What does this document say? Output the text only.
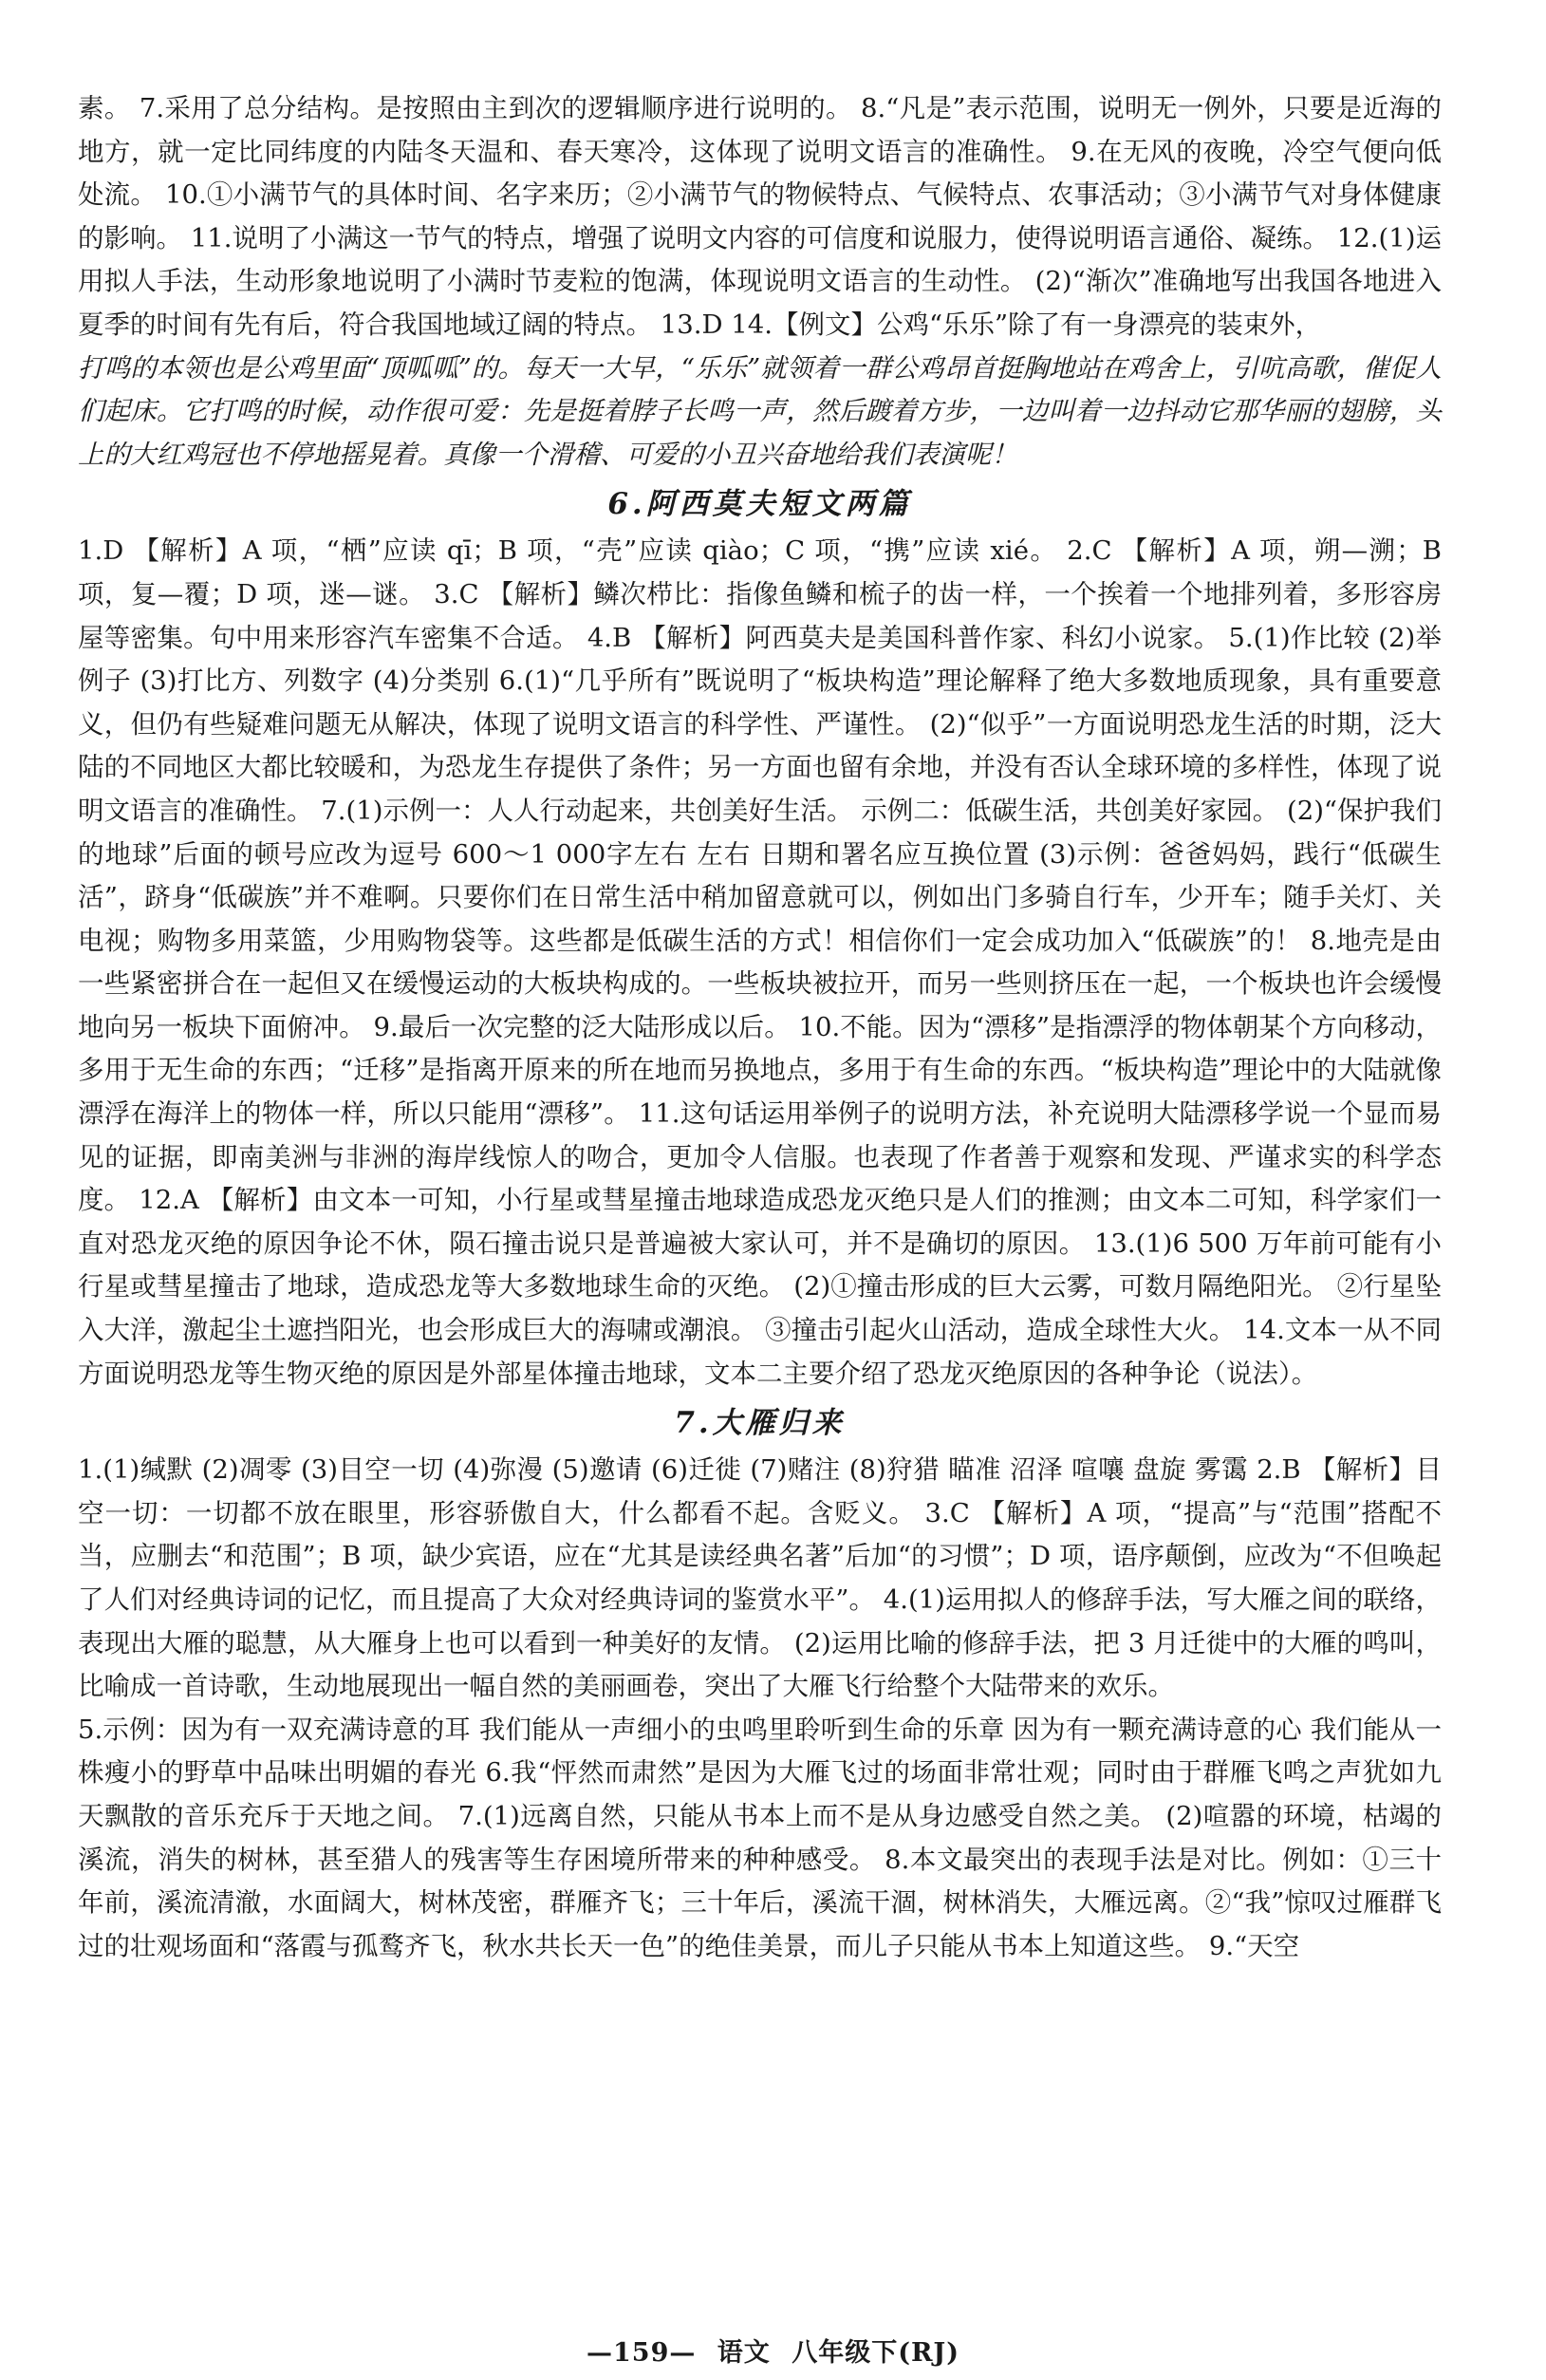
素。 7.采用了总分结构。是按照由主到次的逻辑顺序进行说明的。 8.“凡是”表示范围，说明无一例外，只要是近海的地方，就一定比同纬度的内陆冬天温和、春天寒冷，这体现了说明文语言的准确性。 9.在无风的夜晚，冷空气便向低处流。 10.①小满节气的具体时间、名字来历；②小满节气的物候特点、气候特点、农事活动；③小满节气对身体健康的影响。 11.说明了小满这一节气的特点，增强了说明文内容的可信度和说服力，使得说明语言通俗、凝练。 12.(1)运用拟人手法，生动形象地说明了小满时节麦粒的饱满，体现说明文语言的生动性。 (2)“渐次”准确地写出我国各地进入夏季的时间有先有后，符合我国地域辽阔的特点。 13.D 14.【例文】公鸡“乐乐”除了有一身漂亮的装束外，

打鸣的本领也是公鸡里面“顶呱呱”的。每天一大早，“乐乐”就领着一群公鸡昂首挺胸地站在鸡舍上，引吭高歌，催促人们起床。它打鸣的时候，动作很可爱：先是挺着脖子长鸣一声，然后踱着方步，一边叫着一边抖动它那华丽的翅膀，头上的大红鸡冠也不停地摇晃着。真像一个滑稽、可爱的小丑兴奋地给我们表演呢！

6.阿西莫夫短文两篇

1.D 【解析】A 项，“栖”应读 qī；B 项，“壳”应读 qiào；C 项，“携”应读 xié。 2.C 【解析】A 项，朔—溯；B 项，复—覆；D 项，迷—谜。 3.C 【解析】鳞次栉比：指像鱼鳞和梳子的齿一样，一个挨着一个地排列着，多形容房屋等密集。句中用来形容汽车密集不合适。 4.B 【解析】阿西莫夫是美国科普作家、科幻小说家。 5.(1)作比较 (2)举例子 (3)打比方、列数字 (4)分类别 6.(1)“几乎所有”既说明了“板块构造”理论解释了绝大多数地质现象，具有重要意义，但仍有些疑难问题无从解决，体现了说明文语言的科学性、严谨性。 (2)“似乎”一方面说明恐龙生活的时期，泛大陆的不同地区大都比较暖和，为恐龙生存提供了条件；另一方面也留有余地，并没有否认全球环境的多样性，体现了说明文语言的准确性。 7.(1)示例一：人人行动起来，共创美好生活。 示例二：低碳生活，共创美好家园。 (2)“保护我们的地球”后面的顿号应改为逗号 600～1 000字左右 左右 日期和署名应互换位置 (3)示例：爸爸妈妈，践行“低碳生活”，跻身“低碳族”并不难啊。只要你们在日常生活中稍加留意就可以，例如出门多骑自行车，少开车；随手关灯、关电视；购物多用菜篮，少用购物袋等。这些都是低碳生活的方式！相信你们一定会成功加入“低碳族”的！ 8.地壳是由一些紧密拼合在一起但又在缓慢运动的大板块构成的。一些板块被拉开，而另一些则挤压在一起，一个板块也许会缓慢地向另一板块下面俯冲。 9.最后一次完整的泛大陆形成以后。 10.不能。因为“漂移”是指漂浮的物体朝某个方向移动，多用于无生命的东西；“迁移”是指离开原来的所在地而另换地点，多用于有生命的东西。“板块构造”理论中的大陆就像漂浮在海洋上的物体一样，所以只能用“漂移”。 11.这句话运用举例子的说明方法，补充说明大陆漂移学说一个显而易见的证据，即南美洲与非洲的海岸线惊人的吻合，更加令人信服。也表现了作者善于观察和发现、严谨求实的科学态度。 12.A 【解析】由文本一可知，小行星或彗星撞击地球造成恐龙灭绝只是人们的推测；由文本二可知，科学家们一直对恐龙灭绝的原因争论不休，陨石撞击说只是普遍被大家认可，并不是确切的原因。 13.(1)6 500 万年前可能有小行星或彗星撞击了地球，造成恐龙等大多数地球生命的灭绝。 (2)①撞击形成的巨大云雾，可数月隔绝阳光。 ②行星坠入大洋，激起尘土遮挡阳光，也会形成巨大的海啸或潮浪。 ③撞击引起火山活动，造成全球性大火。 14.文本一从不同方面说明恐龙等生物灭绝的原因是外部星体撞击地球，文本二主要介绍了恐龙灭绝原因的各种争论（说法）。

7.大雁归来

1.(1)缄默 (2)凋零 (3)目空一切 (4)弥漫 (5)邀请 (6)迁徙 (7)赌注 (8)狩猎 瞄准 沼泽 喧嚷 盘旋 雾霭 2.B 【解析】目空一切：一切都不放在眼里，形容骄傲自大，什么都看不起。含贬义。 3.C 【解析】A 项，“提高”与“范围”搭配不当，应删去“和范围”；B 项，缺少宾语，应在“尤其是读经典名著”后加“的习惯”；D 项，语序颠倒，应改为“不但唤起了人们对经典诗词的记忆，而且提高了大众对经典诗词的鉴赏水平”。 4.(1)运用拟人的修辞手法，写大雁之间的联络，表现出大雁的聪慧，从大雁身上也可以看到一种美好的友情。 (2)运用比喻的修辞手法，把 3 月迁徙中的大雁的鸣叫，比喻成一首诗歌，生动地展现出一幅自然的美丽画卷，突出了大雁飞行给整个大陆带来的欢乐。

5.示例：因为有一双充满诗意的耳 我们能从一声细小的虫鸣里聆听到生命的乐章 因为有一颗充满诗意的心 我们能从一株瘦小的野草中品味出明媚的春光 6.我“怦然而肃然”是因为大雁飞过的场面非常壮观；同时由于群雁飞鸣之声犹如九天飘散的音乐充斥于天地之间。 7.(1)远离自然，只能从书本上而不是从身边感受自然之美。 (2)喧嚣的环境，枯竭的溪流，消失的树林，甚至猎人的残害等生存困境所带来的种种感受。 8.本文最突出的表现手法是对比。例如：①三十年前，溪流清澈，水面阔大，树林茂密，群雁齐飞；三十年后，溪流干涸，树林消失，大雁远离。②“我”惊叹过雁群飞过的壮观场面和“落霞与孤鹜齐飞，秋水共长天一色”的绝佳美景，而儿子只能从书本上知道这些。 9.“天空

—159— 语文 八年级下(RJ)
